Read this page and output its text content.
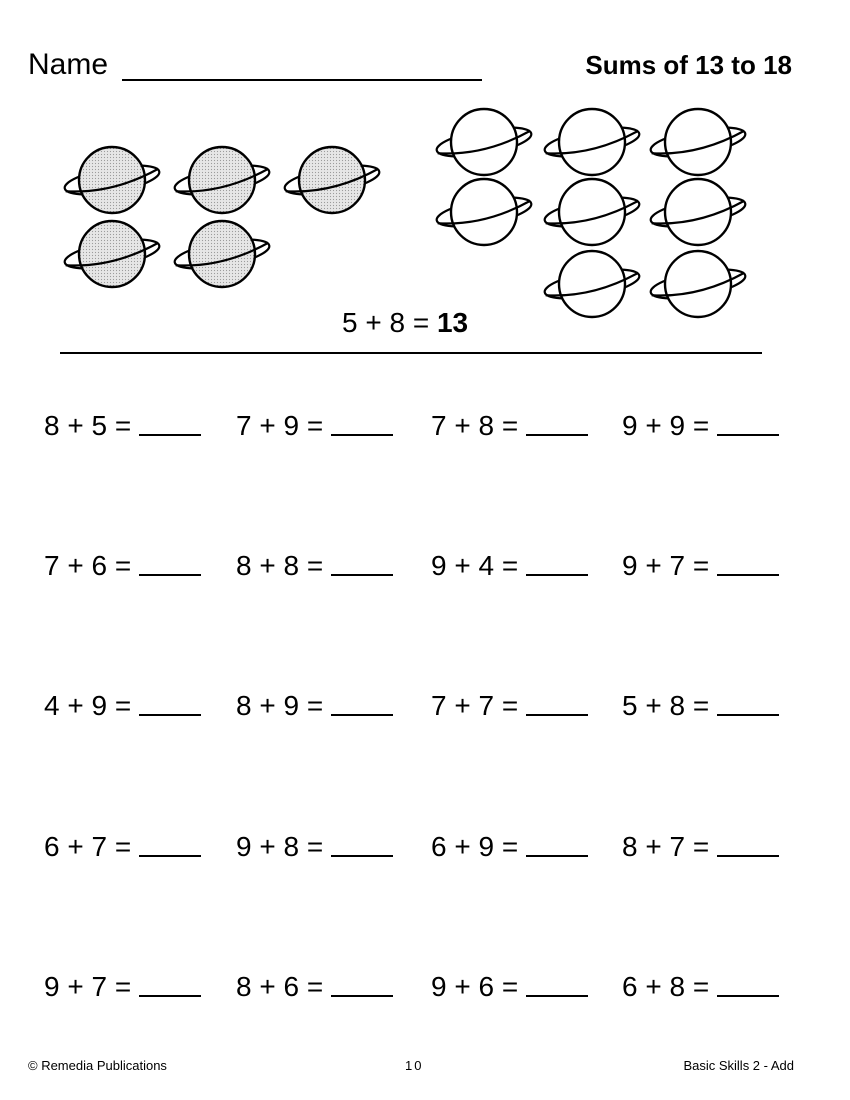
Name	Sums of 13 to 18
5 + 8 = 13
8 + 5 =	7 + 9 =	7 + 8 =	9 + 9 =
7 + 6 =	8 + 8 =	9 + 4 =	9 + 7 =
4 + 9 =	8 + 9 =	7 + 7 =	5 + 8 =
6 + 7 =	9 + 8 =	6 + 9 =	8 + 7 =
9 + 7 =	8 + 6 =	9 + 6 =	6 + 8 =
© Remedia Publications	10	Basic Skills 2 - Add
